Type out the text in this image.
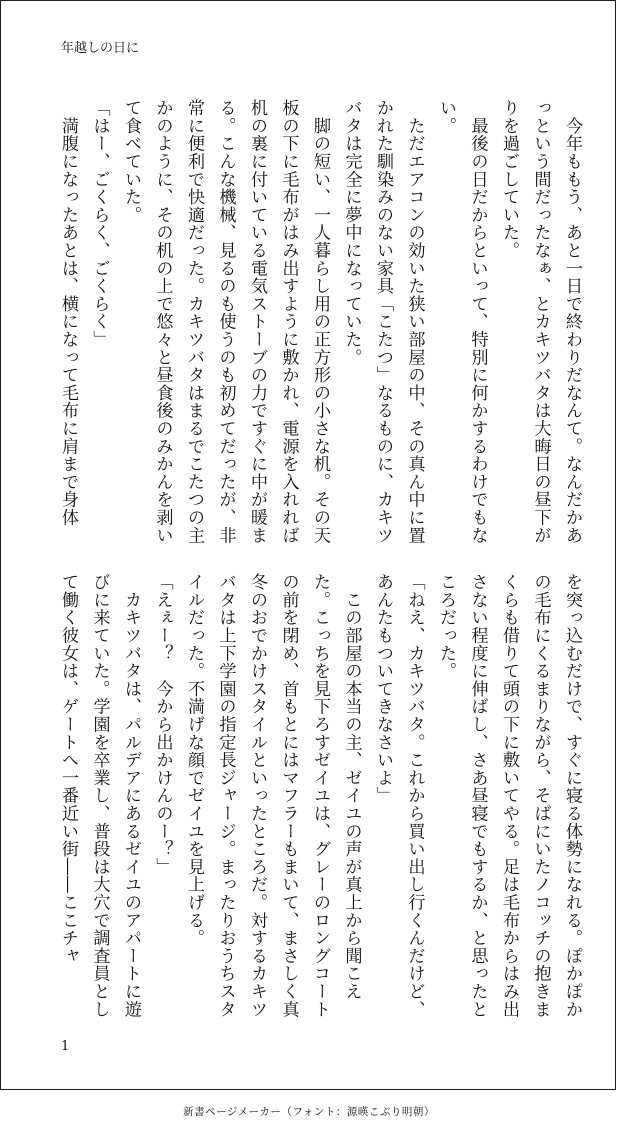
年越しの日に

　今年ももう、あと一日で終わりだなんて。なんだかあっという間だったなぁ、とカキツバタは大晦日の昼下がりを過ごしていた。

　最後の日だからといって、特別に何かするわけでもない。

　ただエアコンの効いた狭い部屋の中、その真ん中に置かれた馴染みのない家具「こたつ」なるものに、カキツバタは完全に夢中になっていた。

　脚の短い、一人暮らし用の正方形の小さな机。その天板の下に毛布がはみ出すように敷かれ、電源を入れれば机の裏に付いている電気ストーブの力ですぐに中が暖まる。こんな機械、見るのも使うのも初めてだったが、非常に便利で快適だった。カキツバタはまるでこたつの主かのように、その机の上で悠々と昼食後のみかんを剥いて食べていた。

「はー、ごくらく、ごくらく」

　満腹になったあとは、横になって毛布に肩まで身体

を突っ込むだけで、すぐに寝る体勢になれる。ぽかぽかの毛布にくるまりながら、そばにいたノコッチの抱きまくらも借りて頭の下に敷いてやる。足は毛布からはみ出さない程度に伸ばし、さあ昼寝でもするか、と思ったところだった。

「ねえ、カキツバタ。これから買い出し行くんだけど、あんたもついてきなさいよ」

　この部屋の本当の主、ゼイユの声が真上から聞こえた。こっちを見下ろすゼイユは、グレーのロングコートの前を閉め、首もとにはマフラーもまいて、まさしく真冬のおでかけスタイルといったところだ。対するカキツバタは上下学園の指定長ジャージ。まったりおうちスタイルだった。不満げな顔でゼイユを見上げる。

「えぇー？　今から出かけんのー？」

　カキツバタは、パルデアにあるゼイユのアパートに遊びに来ていた。学園を卒業し、普段は大穴で調査員として働く彼女は、ゲートへ一番近い街――ここチャ

1
新書ページメーカー（フォント：源暎こぶり明朝）
